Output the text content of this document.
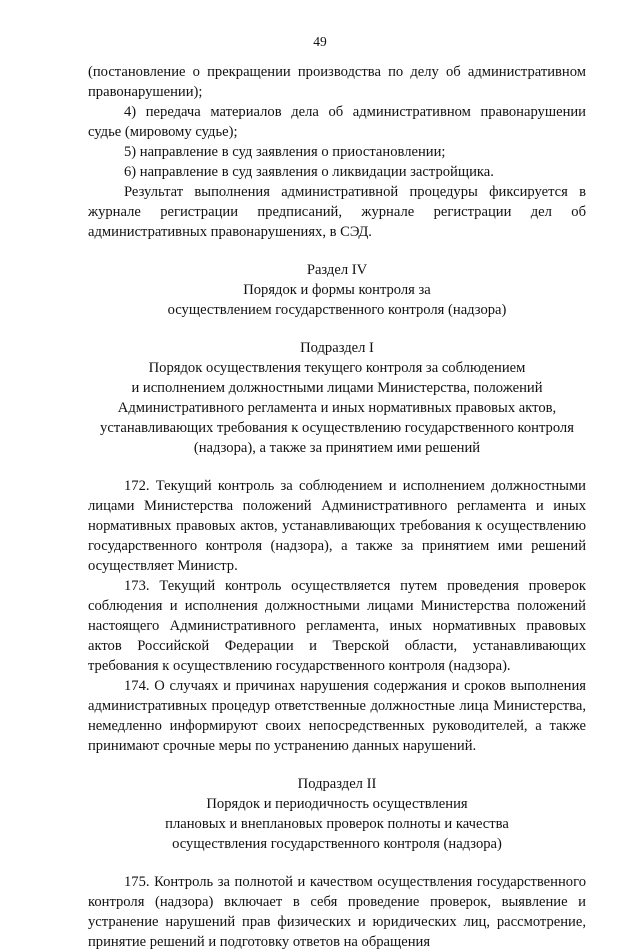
49

(постановление о прекращении производства по делу об административном правонарушении);

4) передача материалов дела об административном правонарушении судье (мировому судье);

5) направление в суд заявления о приостановлении;

6) направление в суд заявления о ликвидации застройщика.

Результат выполнения административной процедуры фиксируется в журнале регистрации предписаний, журнале регистрации дел об административных правонарушениях, в СЭД.

Раздел IV

Порядок и формы контроля за

осуществлением государственного контроля (надзора)

Подраздел I

Порядок осуществления текущего контроля за соблюдением

и исполнением должностными лицами Министерства, положений

Административного регламента и иных нормативных правовых актов,

устанавливающих требования к осуществлению государственного контроля

(надзора), а также за принятием ими решений

172. Текущий контроль за соблюдением и исполнением должностными лицами Министерства положений Административного регламента и иных нормативных правовых актов, устанавливающих требования к осуществлению государственного контроля (надзора), а также за принятием ими решений осуществляет Министр.

173. Текущий контроль осуществляется путем проведения проверок соблюдения и исполнения должностными лицами Министерства положений настоящего Административного регламента, иных нормативных правовых актов Российской Федерации и Тверской области, устанавливающих требования к осуществлению государственного контроля (надзора).

174. О случаях и причинах нарушения содержания и сроков выполнения административных процедур ответственные должностные лица Министерства, немедленно информируют своих непосредственных руководителей, а также принимают срочные меры по устранению данных нарушений.

Подраздел II

Порядок и периодичность осуществления

плановых и внеплановых проверок полноты и качества

осуществления государственного контроля (надзора)

175. Контроль за полнотой и качеством осуществления государственного контроля (надзора) включает в себя проведение проверок, выявление и устранение нарушений прав физических и юридических лиц, рассмотрение, принятие решений и подготовку ответов на обращения
